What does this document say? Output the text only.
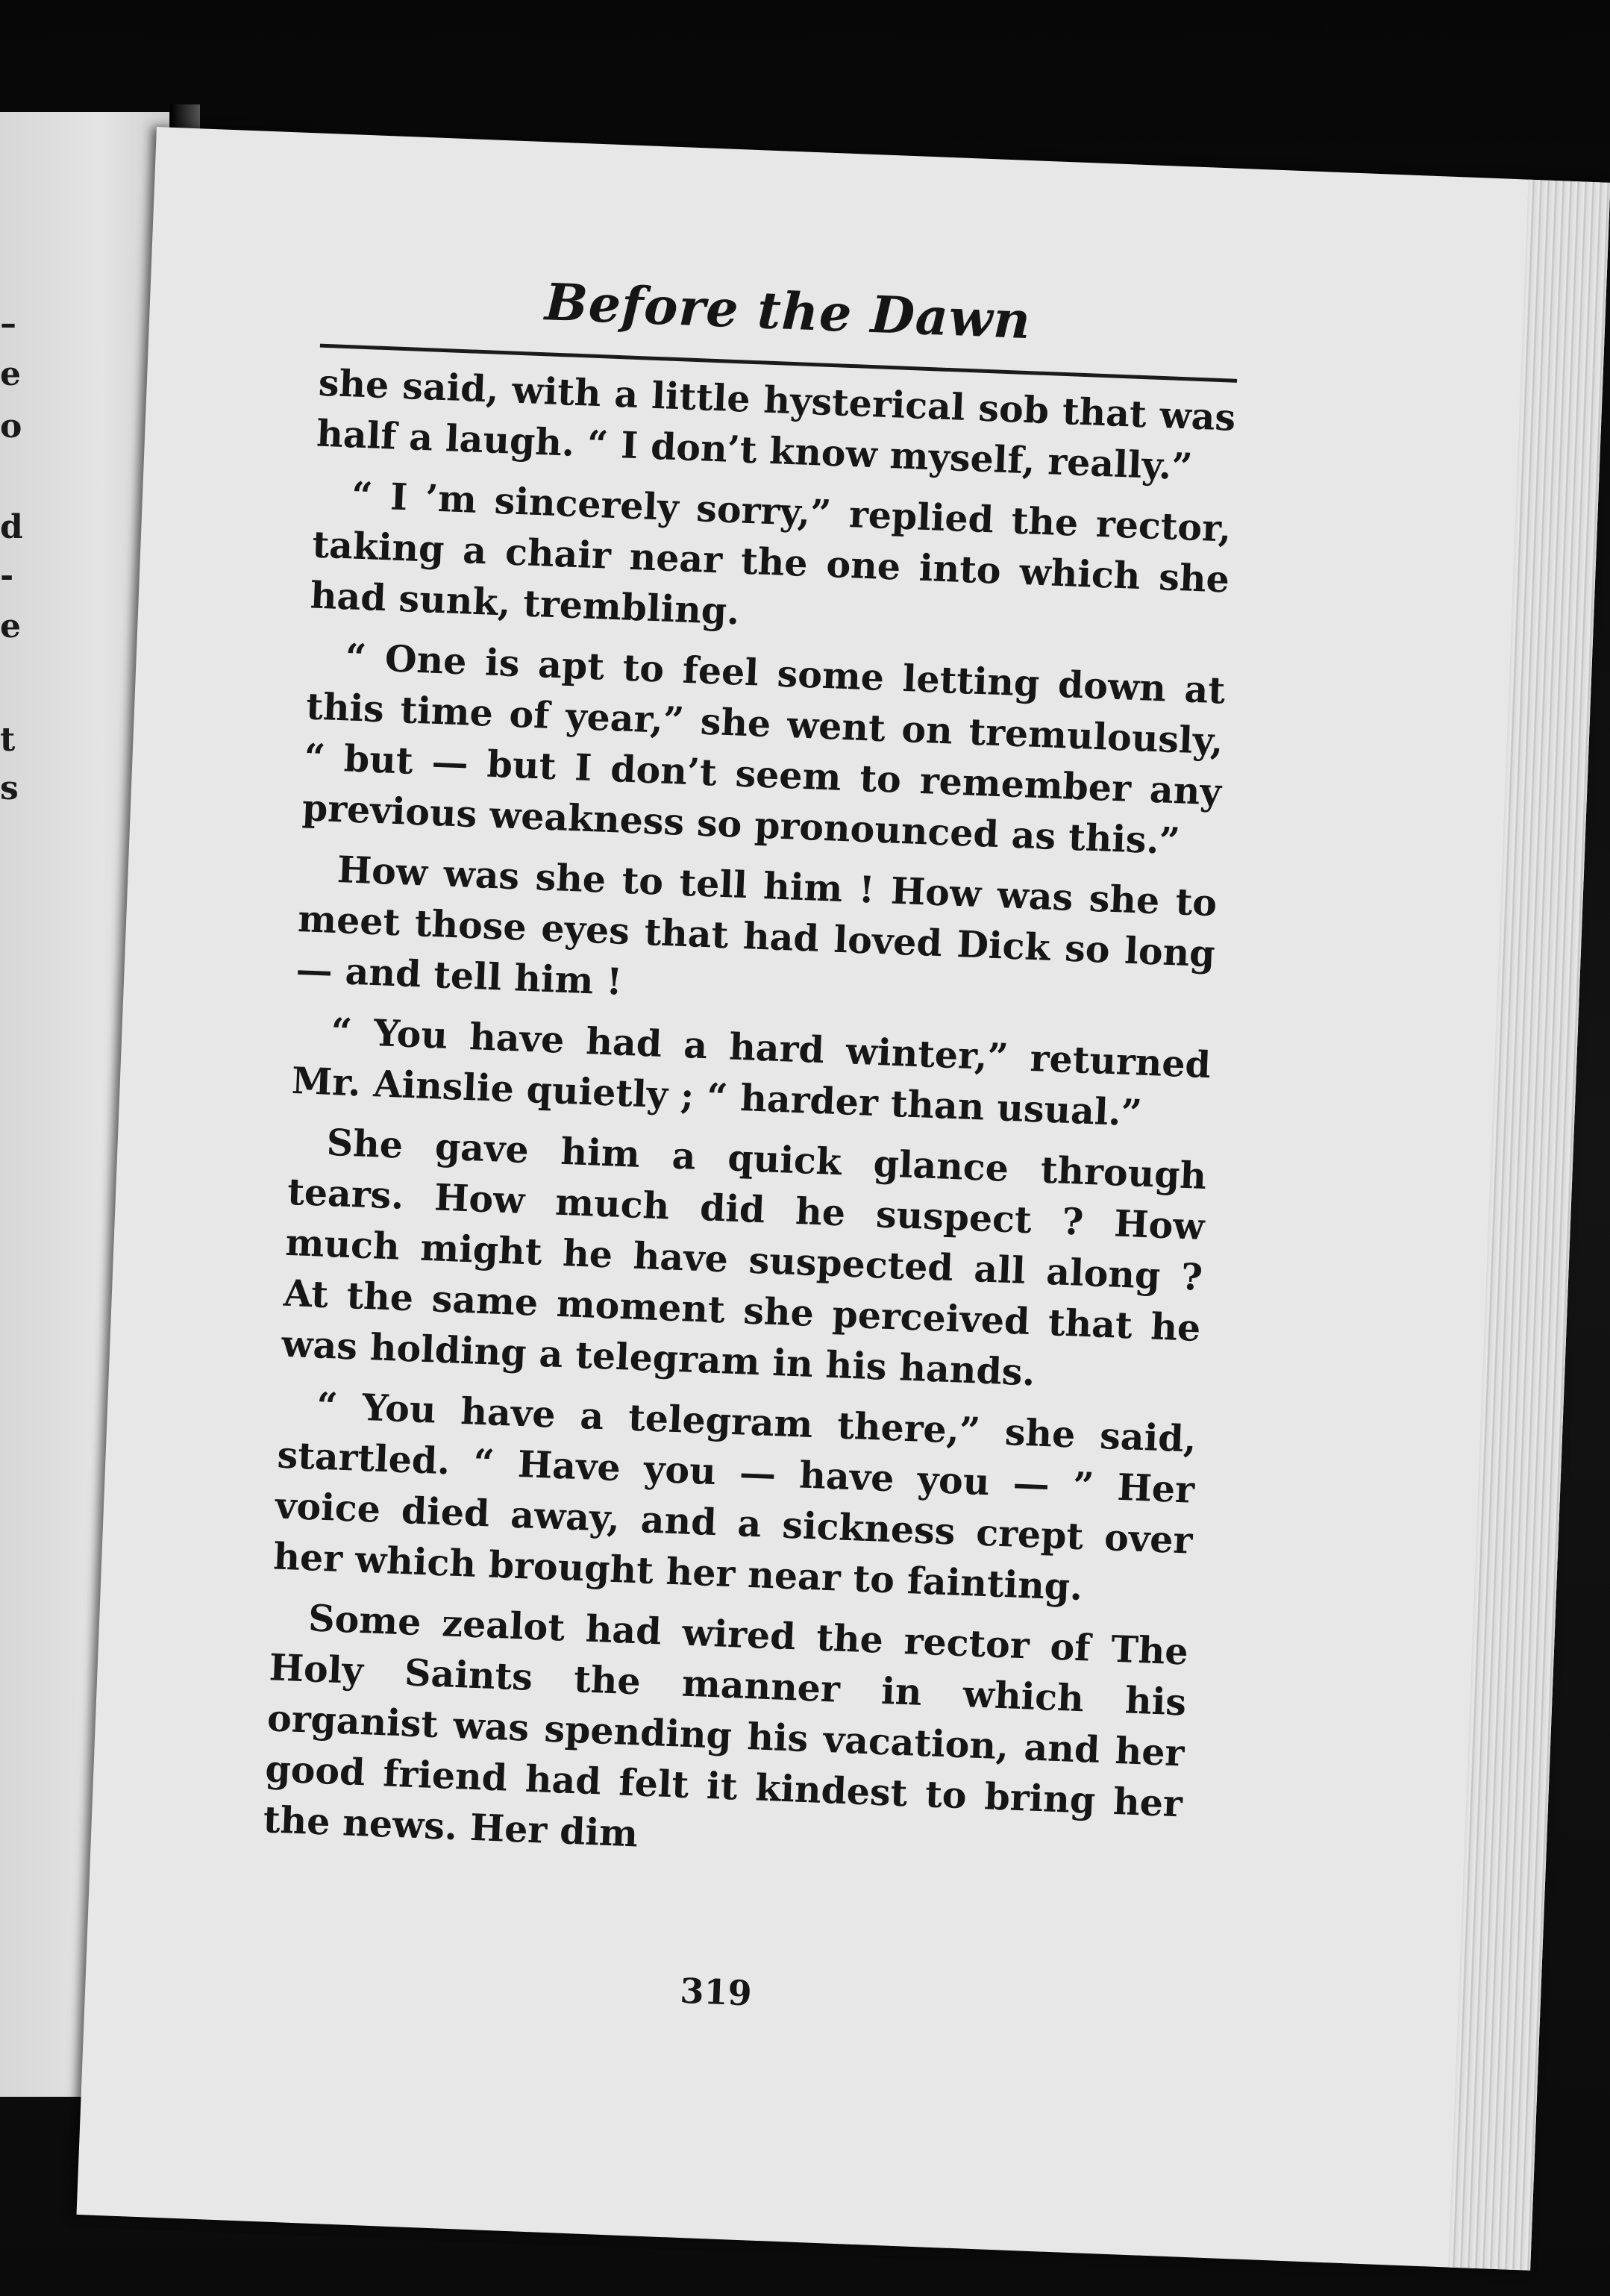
–
e
o
d
-
e
t
s
Before the Dawn

she said, with a little hysterical sob that was half a laugh. “ I don’t know myself, really.”

“ I ’m sincerely sorry,” replied the rector, taking a chair near the one into which she had sunk, trembling.

“ One is apt to feel some letting down at this time of year,” she went on tremulously, “ but — but I don’t seem to remember any previous weakness so pronounced as this.”

How was she to tell him ! How was she to meet those eyes that had loved Dick so long — and tell him !

“ You have had a hard winter,” returned Mr. Ainslie quietly ; “ harder than usual.”

She gave him a quick glance through tears. How much did he suspect ? How much might he have suspected all along ? At the same moment she perceived that he was holding a telegram in his hands.

“ You have a telegram there,” she said, startled. “ Have you — have you — ” Her voice died away, and a sickness crept over her which brought her near to fainting.

Some zealot had wired the rector of The Holy Saints the manner in which his organist was spending his vacation, and her good friend had felt it kindest to bring her the news. Her dim

319
